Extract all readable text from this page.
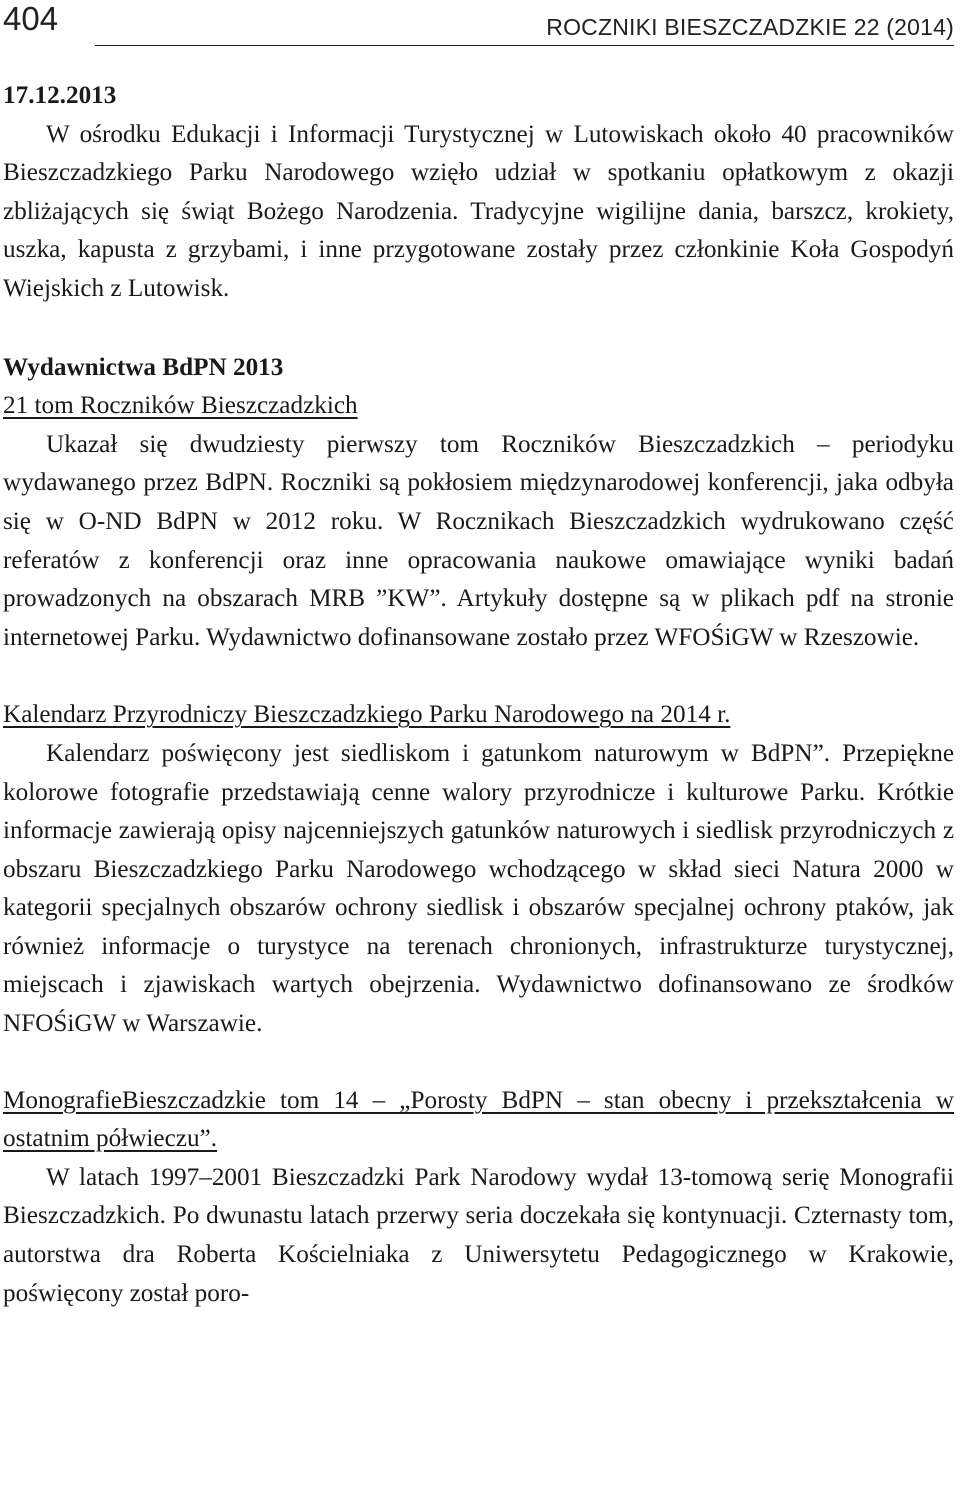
404	ROCZNIKI BIESZCZADZKIE 22 (2014)
17.12.2013

W ośrodku Edukacji i Informacji Turystycznej w Lutowiskach około 40 pracowników Bieszczadzkiego Parku Narodowego wzięło udział w spotkaniu opłatkowym z okazji zbliżających się świąt Bożego Narodzenia. Tradycyjne wigilijne dania, barszcz, krokiety, uszka, kapusta z grzybami, i inne przygotowane zostały przez członkinie Koła Gospodyń Wiejskich z Lutowisk.

Wydawnictwa BdPN 2013
21 tom Roczników Bieszczadzkich

Ukazał się dwudziesty pierwszy tom Roczników Bieszczadzkich – periodyku wydawanego przez BdPN. Roczniki są pokłosiem międzynarodowej konferencji, jaka odbyła się w O-ND BdPN w 2012 roku. W Rocznikach Bieszczadzkich wydrukowano część referatów z konferencji oraz inne opracowania naukowe omawiające wyniki badań prowadzonych na obszarach MRB ”KW”. Artykuły dostępne są w plikach pdf na stronie internetowej Parku. Wydawnictwo dofinansowane zostało przez WFOŚiGW w Rzeszowie.

Kalendarz Przyrodniczy Bieszczadzkiego Parku Narodowego na 2014 r.

Kalendarz poświęcony jest siedliskom i gatunkom naturowym w BdPN”. Przepiękne kolorowe fotografie przedstawiają cenne walory przyrodnicze i kulturowe Parku. Krótkie informacje zawierają opisy najcenniejszych gatunków naturowych i siedlisk przyrodniczych z obszaru Bieszczadzkiego Parku Narodowego wchodzącego w skład sieci Natura 2000 w kategorii specjalnych obszarów ochrony siedlisk i obszarów specjalnej ochrony ptaków, jak również informacje o turystyce na terenach chronionych, infrastrukturze turystycznej, miejscach i zjawiskach wartych obejrzenia. Wydawnictwo dofinansowano ze środków NFOŚiGW w Warszawie.

MonografieBieszczadzkie tom 14 – „Porosty BdPN – stan obecny i przekształcenia w ostatnim półwieczu”.

W latach 1997–2001 Bieszczadzki Park Narodowy wydał 13-tomową serię Monografii Bieszczadzkich. Po dwunastu latach przerwy seria doczekała się kontynuacji. Czternasty tom, autorstwa dra Roberta Kościelniaka z Uniwersytetu Pedagogicznego w Krakowie, poświęcony został poro-
